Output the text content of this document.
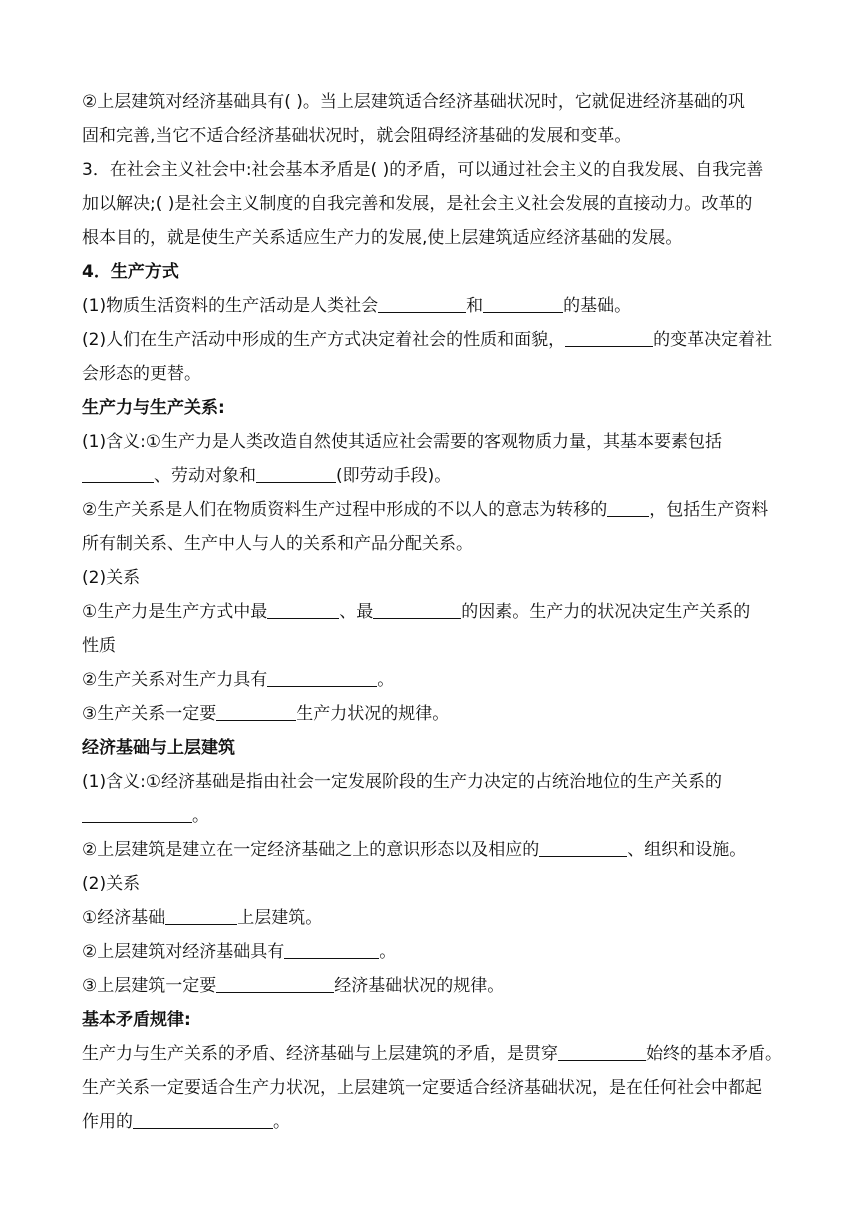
②上层建筑对经济基础具有( )。当上层建筑适合经济基础状况时，它就促进经济基础的巩
固和完善,当它不适合经济基础状况时，就会阻碍经济基础的发展和变革。
3．在社会主义社会中:社会基本矛盾是( )的矛盾，可以通过社会主义的自我发展、自我完善
加以解决;( )是社会主义制度的自我完善和发展，是社会主义社会发展的直接动力。改革的
根本目的，就是使生产关系适应生产力的发展,使上层建筑适应经济基础的发展。
4．生产方式
(1)物质生活资料的生产活动是人类社会	和	的基础。
(2)人们在生产活动中形成的生产方式决定着社会的性质和面貌，	的变革决定着社
会形态的更替。
生产力与生产关系:
(1)含义:①生产力是人类改造自然使其适应社会需要的客观物质力量，其基本要素包括
、劳动对象和	(即劳动手段)。
②生产关系是人们在物质资料生产过程中形成的不以人的意志为转移的 ，包括生产资料
所有制关系、生产中人与人的关系和产品分配关系。
(2)关系
①生产力是生产方式中最	、最	的因素。生产力的状况决定生产关系的
性质
②生产关系对生产力具有	。
③生产关系一定要	生产力状况的规律。
经济基础与上层建筑
(1)含义:①经济基础是指由社会一定发展阶段的生产力决定的占统治地位的生产关系的
。
②上层建筑是建立在一定经济基础之上的意识形态以及相应的	、组织和设施。
(2)关系
①经济基础	上层建筑。
②上层建筑对经济基础具有	。
③上层建筑一定要	经济基础状况的规律。
基本矛盾规律:
生产力与生产关系的矛盾、经济基础与上层建筑的矛盾，是贯穿	始终的基本矛盾。
生产关系一定要适合生产力状况，上层建筑一定要适合经济基础状况，是在任何社会中都起
作用的	。
